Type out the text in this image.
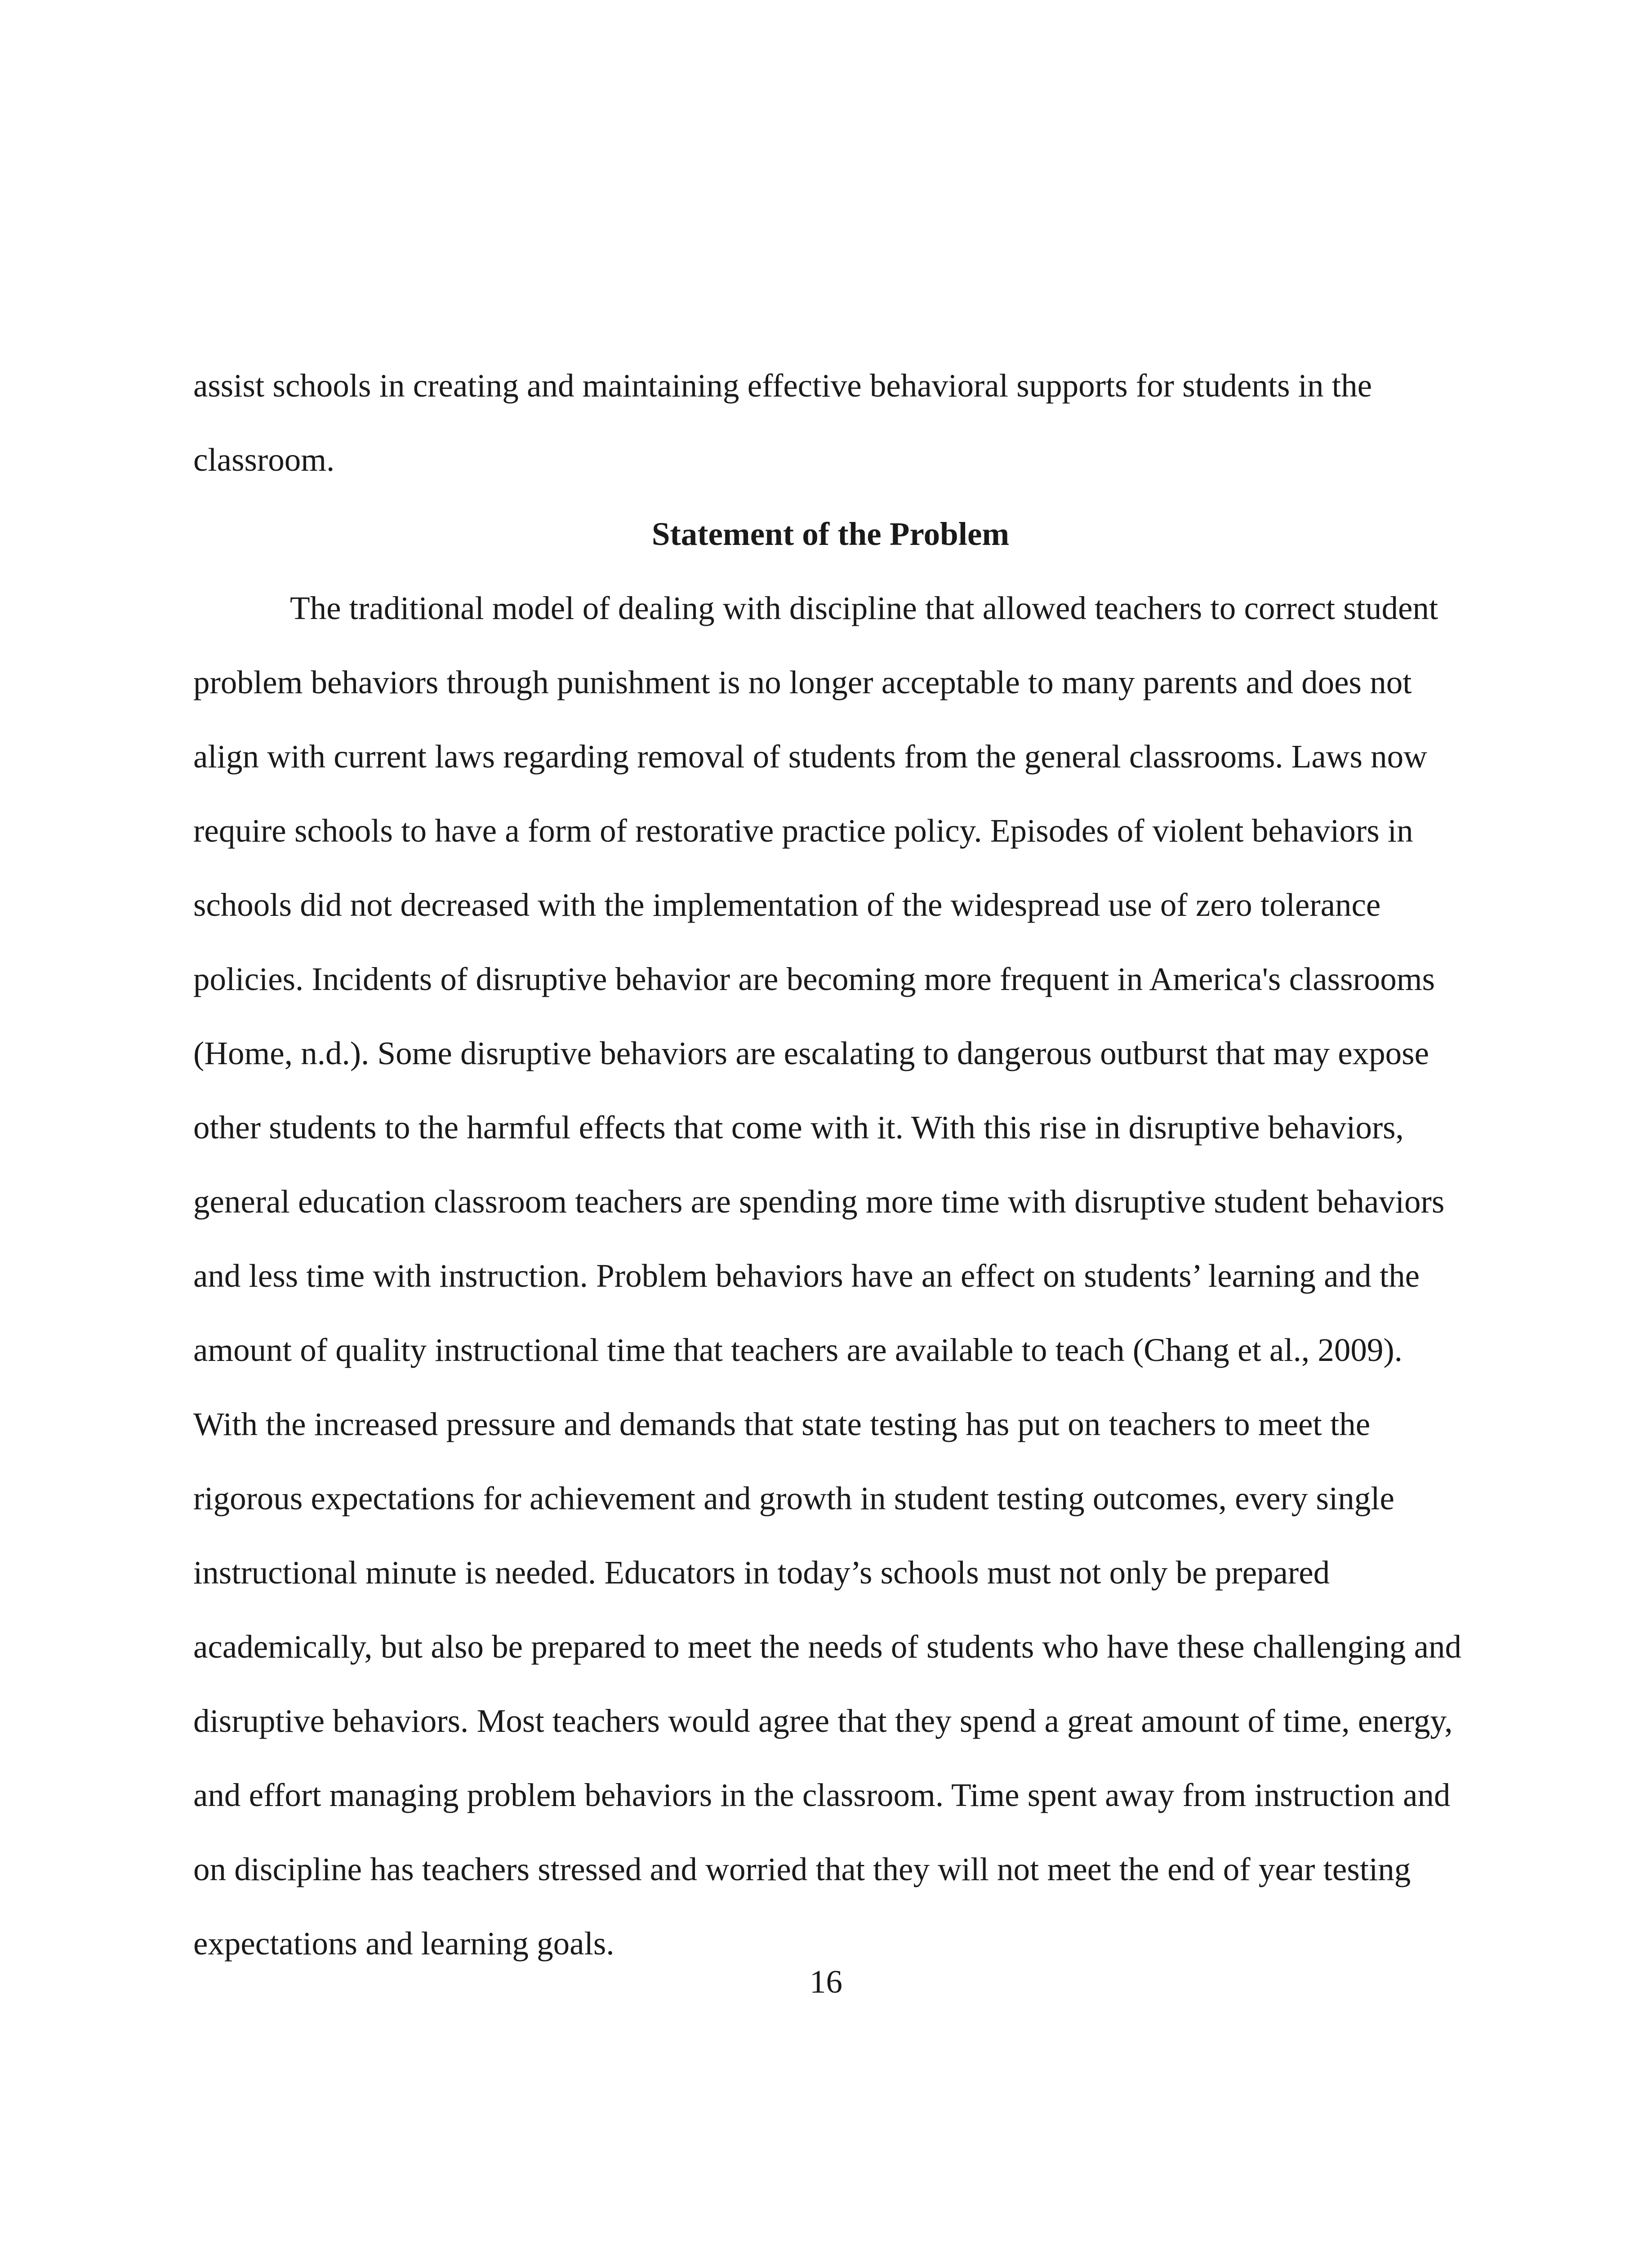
assist schools in creating and maintaining effective behavioral supports for students in the
classroom.
Statement of the Problem
The traditional model of dealing with discipline that allowed teachers to correct student
problem behaviors through punishment is no longer acceptable to many parents and does not
align with current laws regarding removal of students from the general classrooms. Laws now
require schools to have a form of restorative practice policy. Episodes of violent behaviors in
schools did not decreased with the implementation of the widespread use of zero tolerance
policies. Incidents of disruptive behavior are becoming more frequent in America's classrooms
(Home, n.d.). Some disruptive behaviors are escalating to dangerous outburst that may expose
other students to the harmful effects that come with it. With this rise in disruptive behaviors,
general education classroom teachers are spending more time with disruptive student behaviors
and less time with instruction. Problem behaviors have an effect on students’ learning and the
amount of quality instructional time that teachers are available to teach (Chang et al., 2009).
With the increased pressure and demands that state testing has put on teachers to meet the
rigorous expectations for achievement and growth in student testing outcomes, every single
instructional minute is needed. Educators in today’s schools must not only be prepared
academically, but also be prepared to meet the needs of students who have these challenging and
disruptive behaviors. Most teachers would agree that they spend a great amount of time, energy,
and effort managing problem behaviors in the classroom. Time spent away from instruction and
on discipline has teachers stressed and worried that they will not meet the end of year testing
expectations and learning goals.
16
